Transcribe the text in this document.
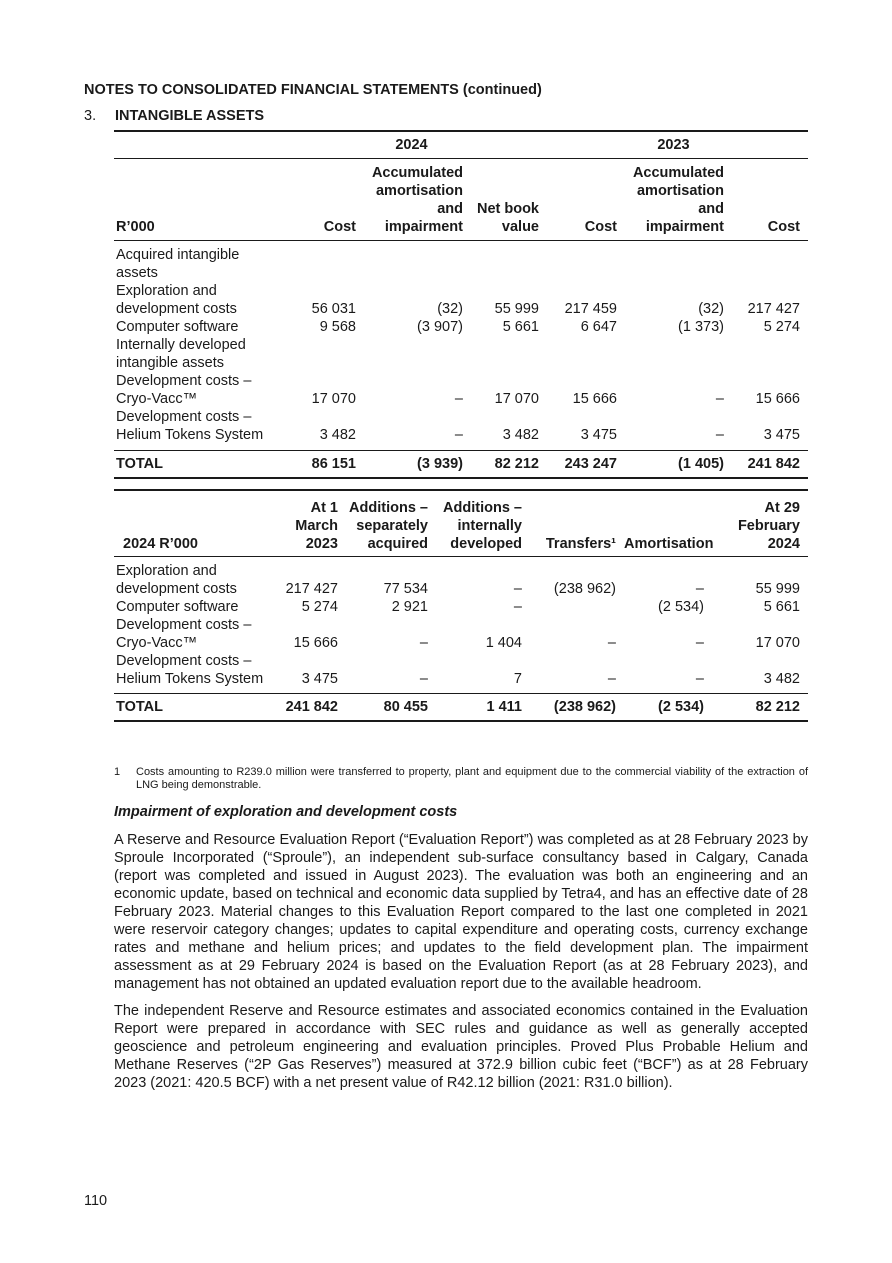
NOTES TO CONSOLIDATED FINANCIAL STATEMENTS (continued)
3. INTANGIBLE ASSETS
	2024			2023		
R’000	Cost	Accumulated amortisation and impairment	Net book value	Cost	Accumulated amortisation and impairment	Cost
Acquired intangible assets						
Exploration and development costs	56 031	(32)	55 999	217 459	(32)	217 427
Computer software	9 568	(3 907)	5 661	6 647	(1 373)	5 274
Internally developed intangible assets						
Development costs – Cryo-Vacc™	17 070	–	17 070	15 666	–	15 666
Development costs – Helium Tokens System	3 482	–	3 482	3 475	–	3 475
TOTAL	86 151	(3 939)	82 212	243 247	(1 405)	241 842
2024 R’000	At 1 March 2023	Additions – separately acquired	Additions – internally developed	Transfers¹	Amortisation	At 29 February 2024
Exploration and development costs	217 427	77 534	–	(238 962)	–	55 999
Computer software	5 274	2 921	–		(2 534)	5 661
Development costs – Cryo-Vacc™	15 666	–	1 404	–	–	17 070
Development costs – Helium Tokens System	3 475	–	7	–	–	3 482
TOTAL	241 842	80 455	1 411	(238 962)	(2 534)	82 212
1	Costs amounting to R239.0 million were transferred to property, plant and equipment due to the commercial viability of the extraction of LNG being demonstrable.
Impairment of exploration and development costs

A Reserve and Resource Evaluation Report (“Evaluation Report”) was completed as at 28 February 2023 by Sproule Incorporated (“Sproule”), an independent sub-surface consultancy based in Calgary, Canada (report was completed and issued in August 2023). The evaluation was both an engineering and an economic update, based on technical and economic data supplied by Tetra4, and has an effective date of 28 February 2023. Material changes to this Evaluation Report compared to the last one completed in 2021 were reservoir category changes; updates to capital expenditure and operating costs, currency exchange rates and methane and helium prices; and updates to the field development plan. The impairment assessment as at 29 February 2024 is based on the Evaluation Report (as at 28 February 2023), and management has not obtained an updated evaluation report due to the available headroom.

The independent Reserve and Resource estimates and associated economics contained in the Evaluation Report were prepared in accordance with SEC rules and guidance as well as generally accepted geoscience and petroleum engineering and evaluation principles. Proved Plus Probable Helium and Methane Reserves (“2P Gas Reserves”) measured at 372.9 billion cubic feet (“BCF”) as at 28 February 2023 (2021: 420.5 BCF) with a net present value of R42.12 billion (2021: R31.0 billion).

110
